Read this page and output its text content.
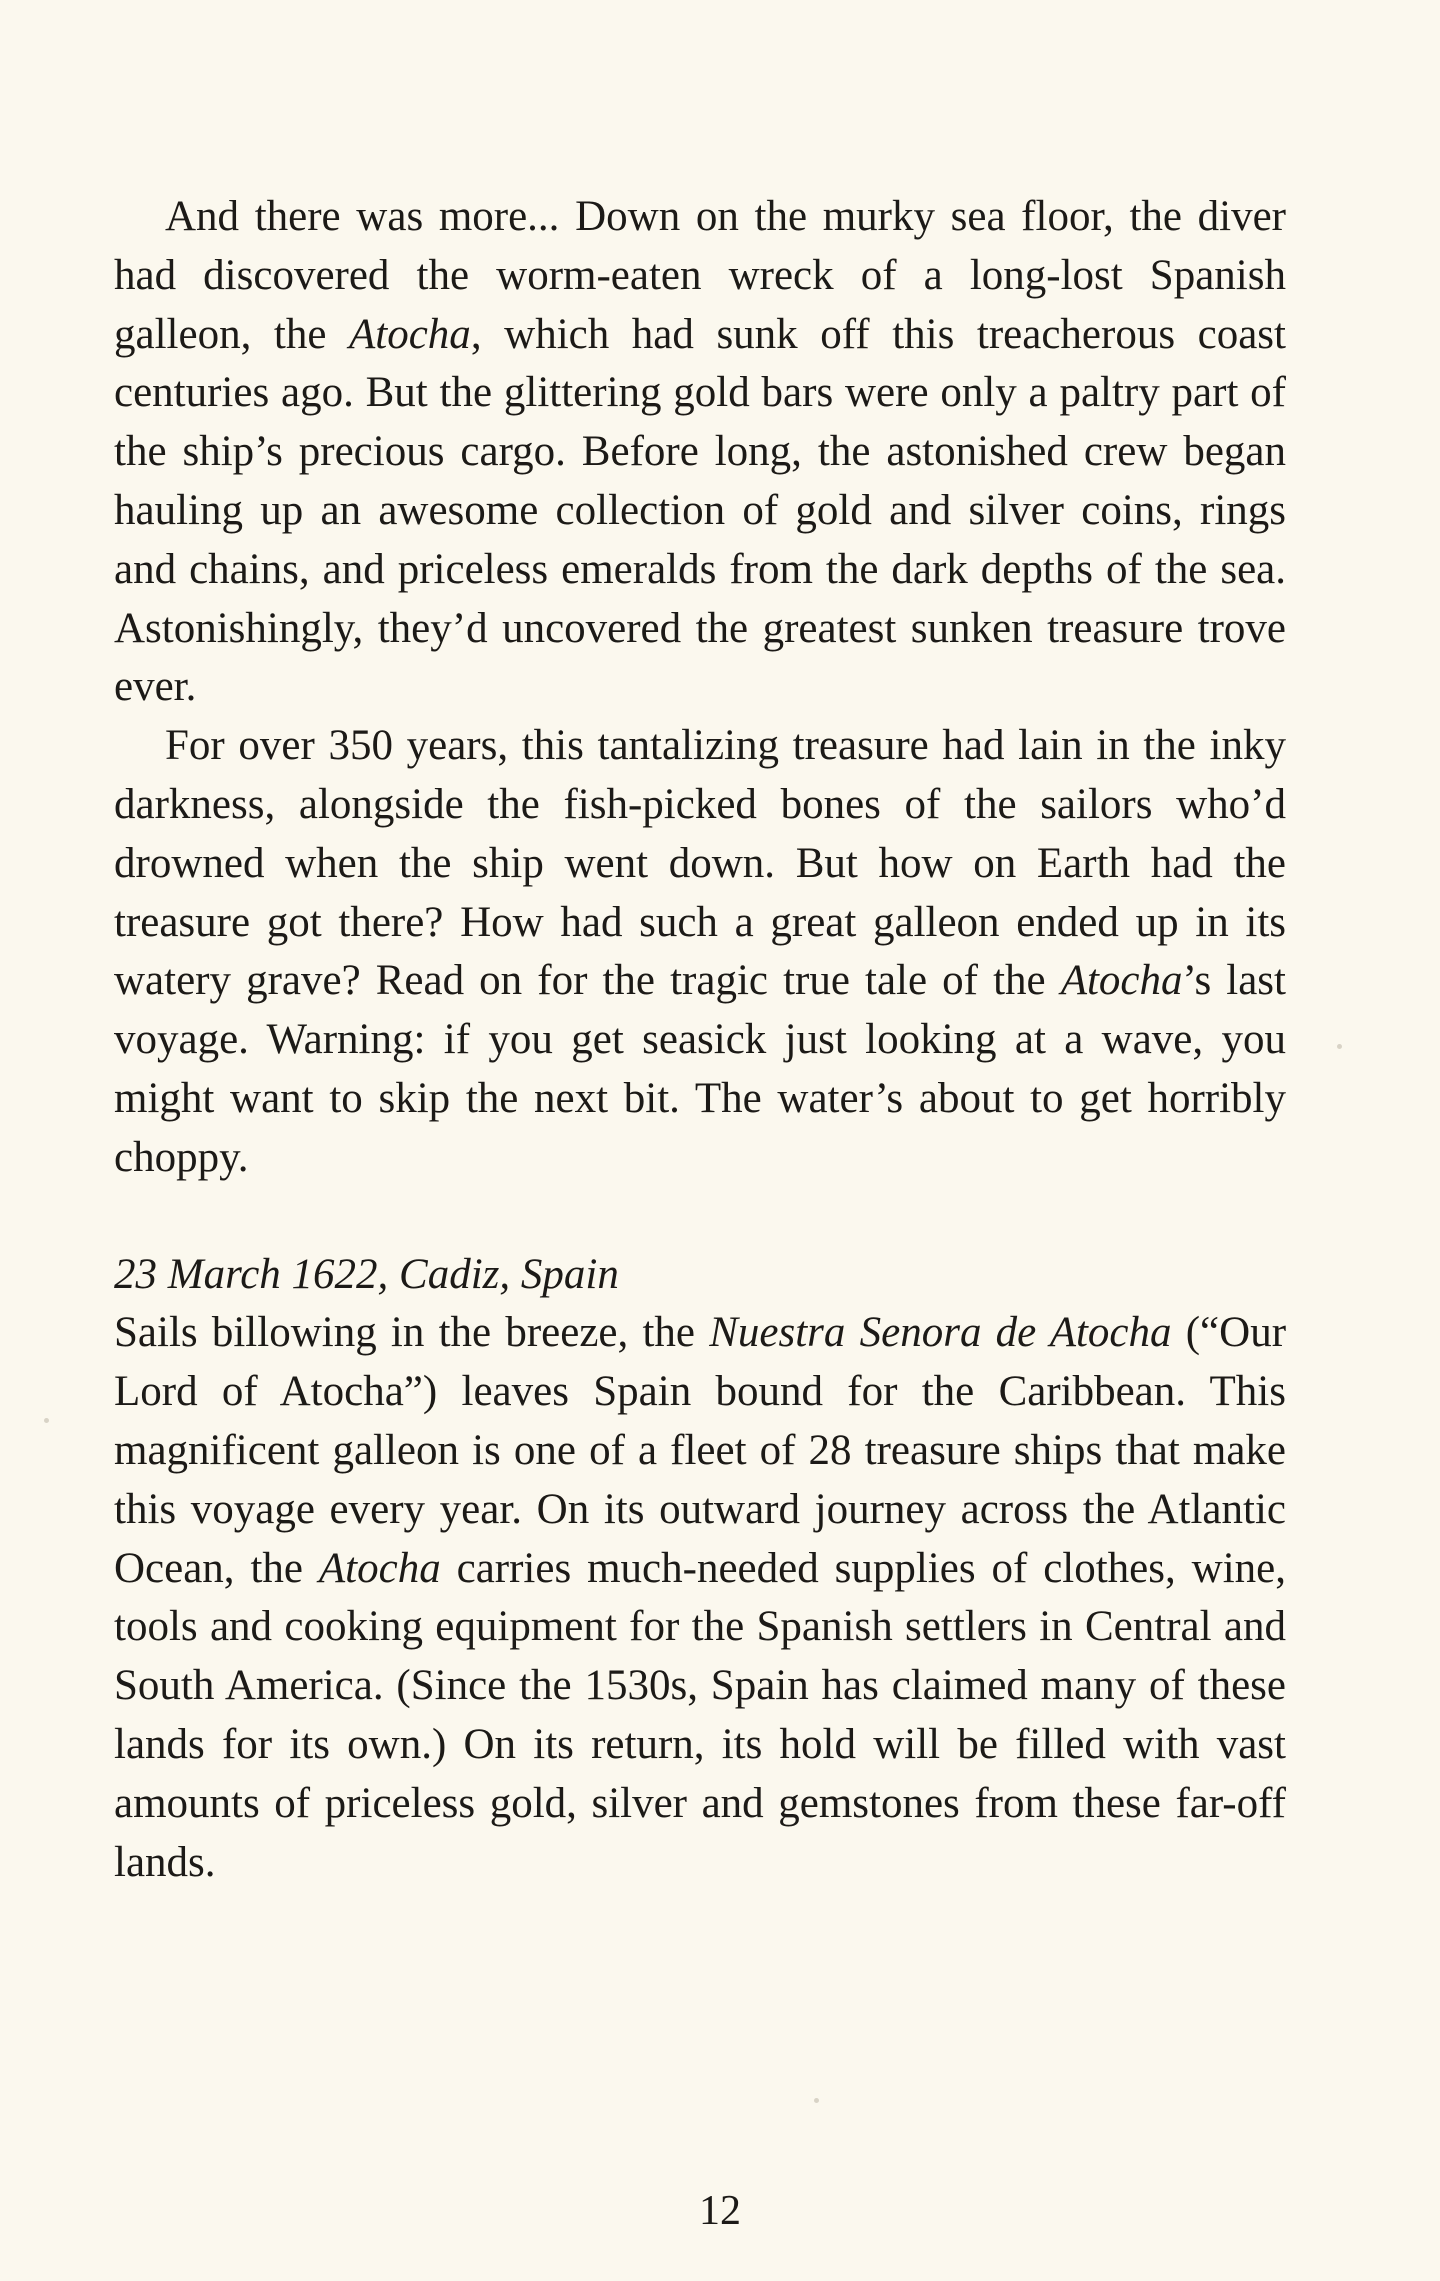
And there was more... Down on the murky sea floor, the diver had discovered the worm-eaten wreck of a long-lost Spanish galleon, the Atocha, which had sunk off this treacherous coast centuries ago. But the glittering gold bars were only a paltry part of the ship’s precious cargo. Before long, the astonished crew began hauling up an awesome collection of gold and silver coins, rings and chains, and priceless emeralds from the dark depths of the sea. Astonishingly, they’d uncovered the greatest sunken treasure trove ever.

For over 350 years, this tantalizing treasure had lain in the inky darkness, alongside the fish-picked bones of the sailors who’d drowned when the ship went down. But how on Earth had the treasure got there? How had such a great galleon ended up in its watery grave? Read on for the tragic true tale of the Atocha’s last voyage. Warning: if you get seasick just looking at a wave, you might want to skip the next bit. The water’s about to get horribly choppy.

23 March 1622, Cadiz, Spain

Sails billowing in the breeze, the Nuestra Senora de Atocha (“Our Lord of Atocha”) leaves Spain bound for the Caribbean. This magnificent galleon is one of a fleet of 28 treasure ships that make this voyage every year. On its outward journey across the Atlantic Ocean, the Atocha carries much-needed supplies of clothes, wine, tools and cooking equipment for the Spanish settlers in Central and South America. (Since the 1530s, Spain has claimed many of these lands for its own.) On its return, its hold will be filled with vast amounts of priceless gold, silver and gemstones from these far-off lands.

12
